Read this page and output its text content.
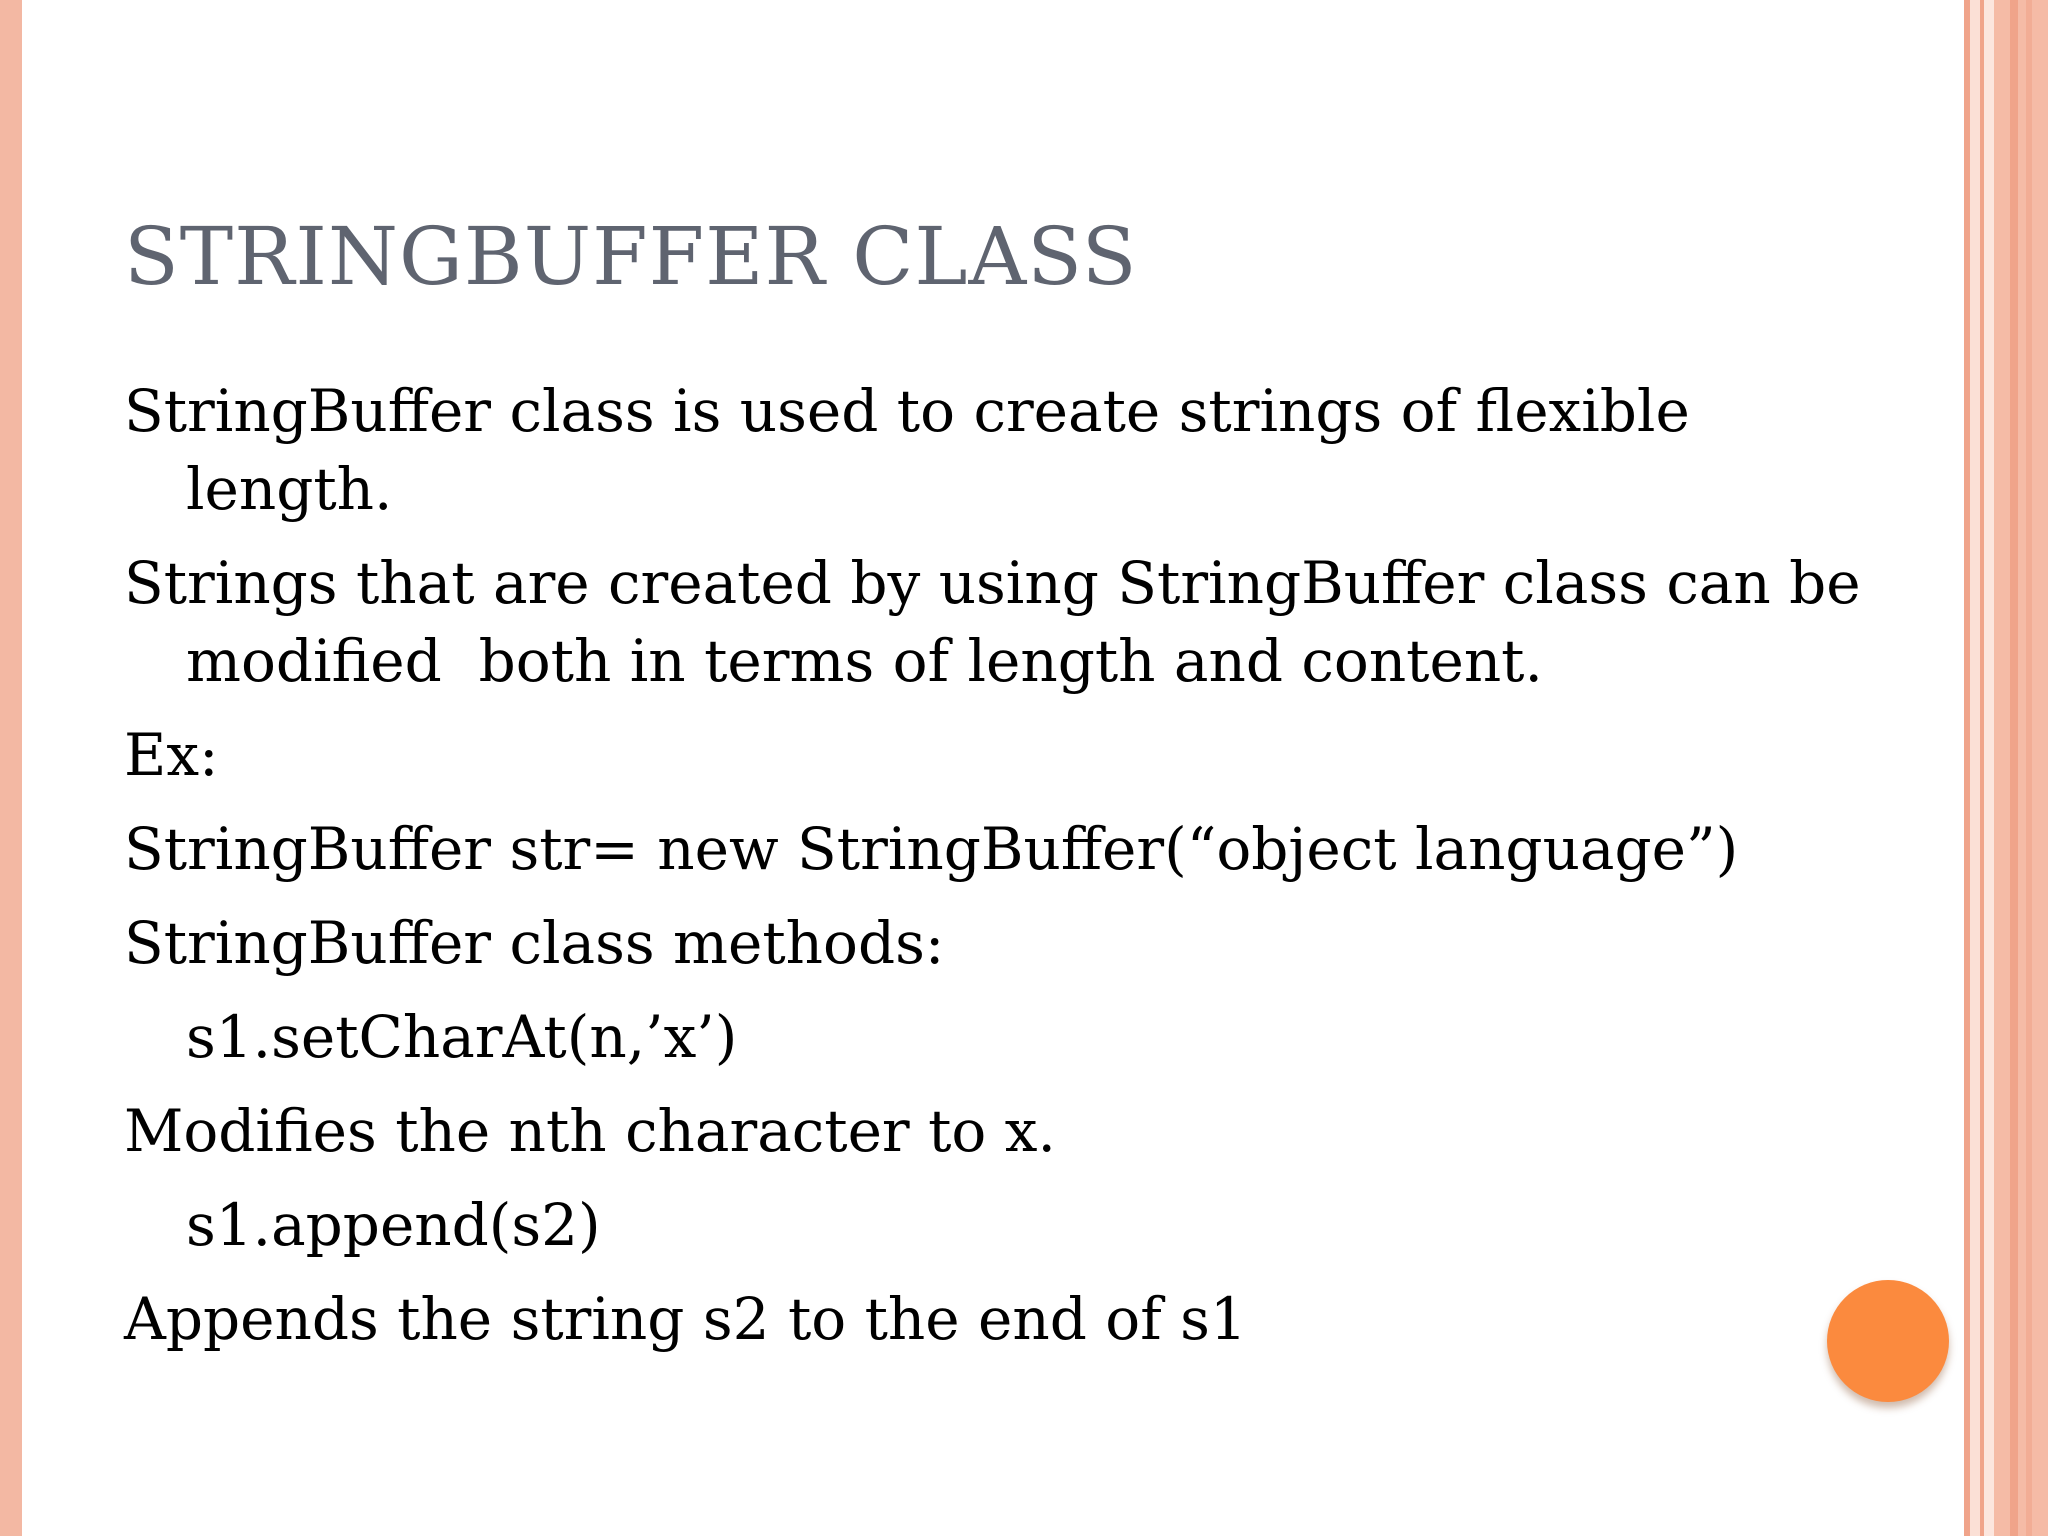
STRINGBUFFER CLASS

StringBuffer class is used to create strings of flexible length.

Strings that are created by using StringBuffer class can be modified  both in terms of length and content.

Ex:

StringBuffer str= new StringBuffer(“object language”)

StringBuffer class methods:

s1.setCharAt(n,’x’)

Modifies the nth character to x.

s1.append(s2)

Appends the string s2 to the end of s1
